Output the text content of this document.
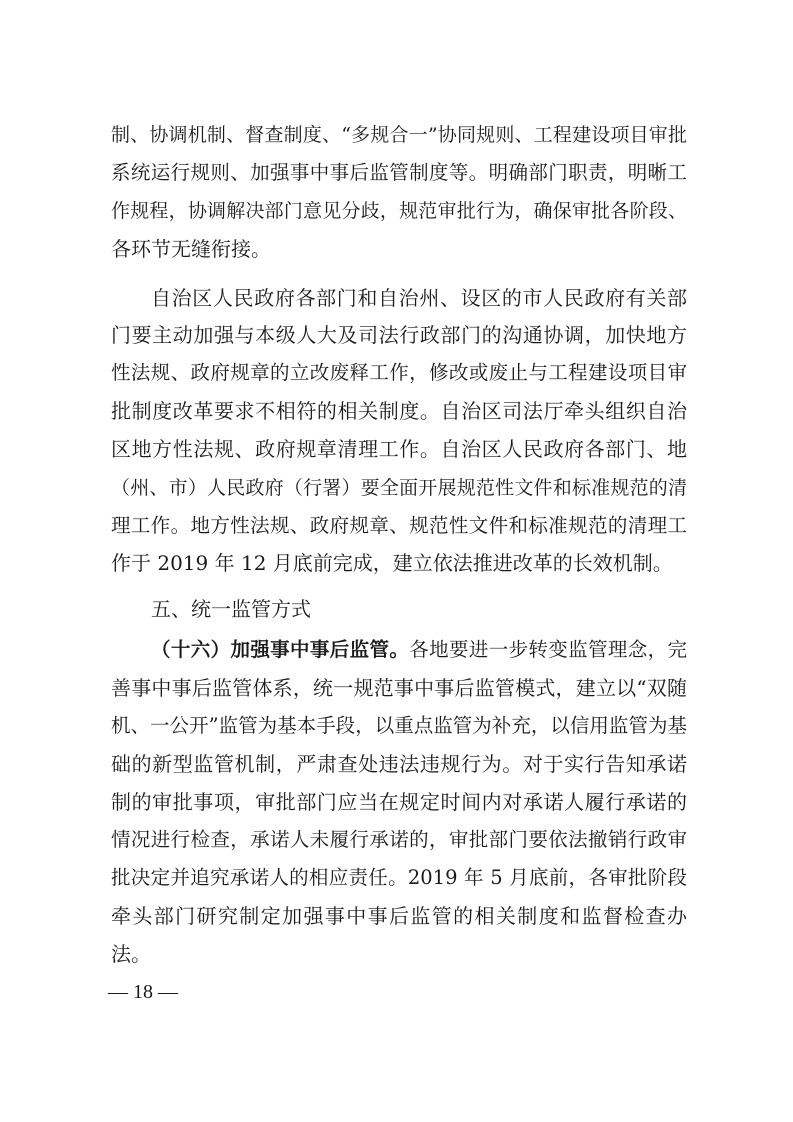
制、协调机制、督查制度、“多规合一”协同规则、工程建设项目审批
系统运行规则、加强事中事后监管制度等。明确部门职责，明晰工
作规程，协调解决部门意见分歧，规范审批行为，确保审批各阶段、
各环节无缝衔接。
自治区人民政府各部门和自治州、设区的市人民政府有关部
门要主动加强与本级人大及司法行政部门的沟通协调，加快地方
性法规、政府规章的立改废释工作，修改或废止与工程建设项目审
批制度改革要求不相符的相关制度。自治区司法厅牵头组织自治
区地方性法规、政府规章清理工作。自治区人民政府各部门、地
（州、市）人民政府（行署）要全面开展规范性文件和标准规范的清
理工作。地方性法规、政府规章、规范性文件和标准规范的清理工
作于 2019 年 12 月底前完成，建立依法推进改革的长效机制。
五、统一监管方式
（十六）加强事中事后监管。各地要进一步转变监管理念，完
善事中事后监管体系，统一规范事中事后监管模式，建立以“双随
机、一公开”监管为基本手段，以重点监管为补充，以信用监管为基
础的新型监管机制，严肃查处违法违规行为。对于实行告知承诺
制的审批事项，审批部门应当在规定时间内对承诺人履行承诺的
情况进行检查，承诺人未履行承诺的，审批部门要依法撤销行政审
批决定并追究承诺人的相应责任。2019 年 5 月底前，各审批阶段
牵头部门研究制定加强事中事后监管的相关制度和监督检查办
法。
— 18 —
